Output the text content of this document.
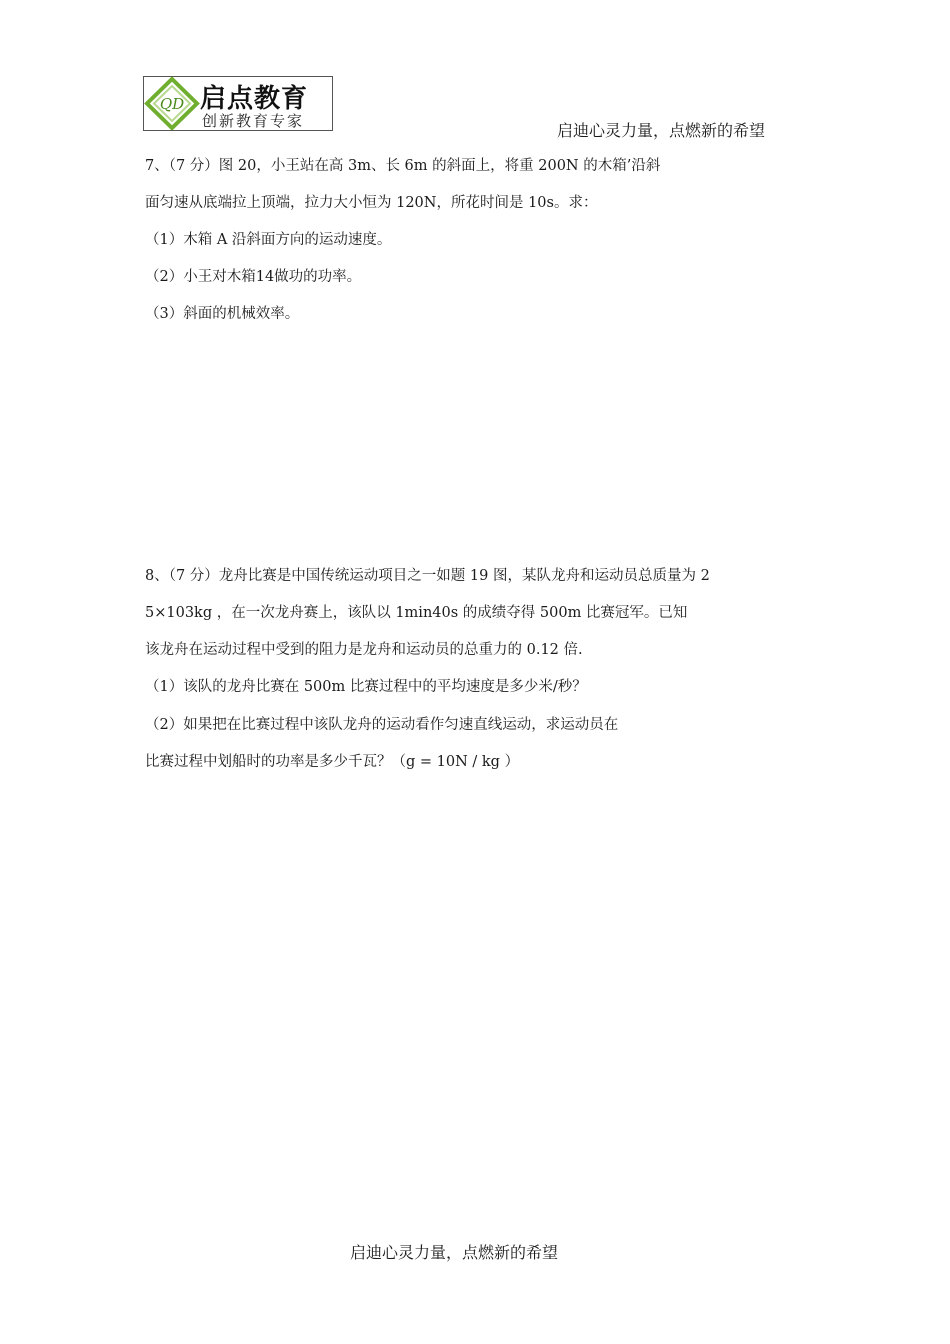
QD 启点教育
创新教育专家	启迪心灵力量，点燃新的希望
7、（7 分）图 20，小王站在高 3m、长 6m 的斜面上，将重 200N 的木箱’沿斜
面匀速从底端拉上顶端，拉力大小恒为 120N，所花时间是 10s。求：
（1）木箱 A 沿斜面方向的运动速度。
（2）小王对木箱14做功的功率。
（3）斜面的机械效率。
8、（7 分）龙舟比赛是中国传统运动项目之一如题 19 图，某队龙舟和运动员总质量为 2
5×103kg ，在一次龙舟赛上，该队以 1min40s 的成绩夺得 500m 比赛冠军。已知
该龙舟在运动过程中受到的阻力是龙舟和运动员的总重力的 0.12 倍.
（1）该队的龙舟比赛在 500m 比赛过程中的平均速度是多少米/秒？
（2）如果把在比赛过程中该队龙舟的运动看作匀速直线运动，求运动员在
比赛过程中划船时的功率是多少千瓦？（g = 10N / kg ）
启迪心灵力量，点燃新的希望
